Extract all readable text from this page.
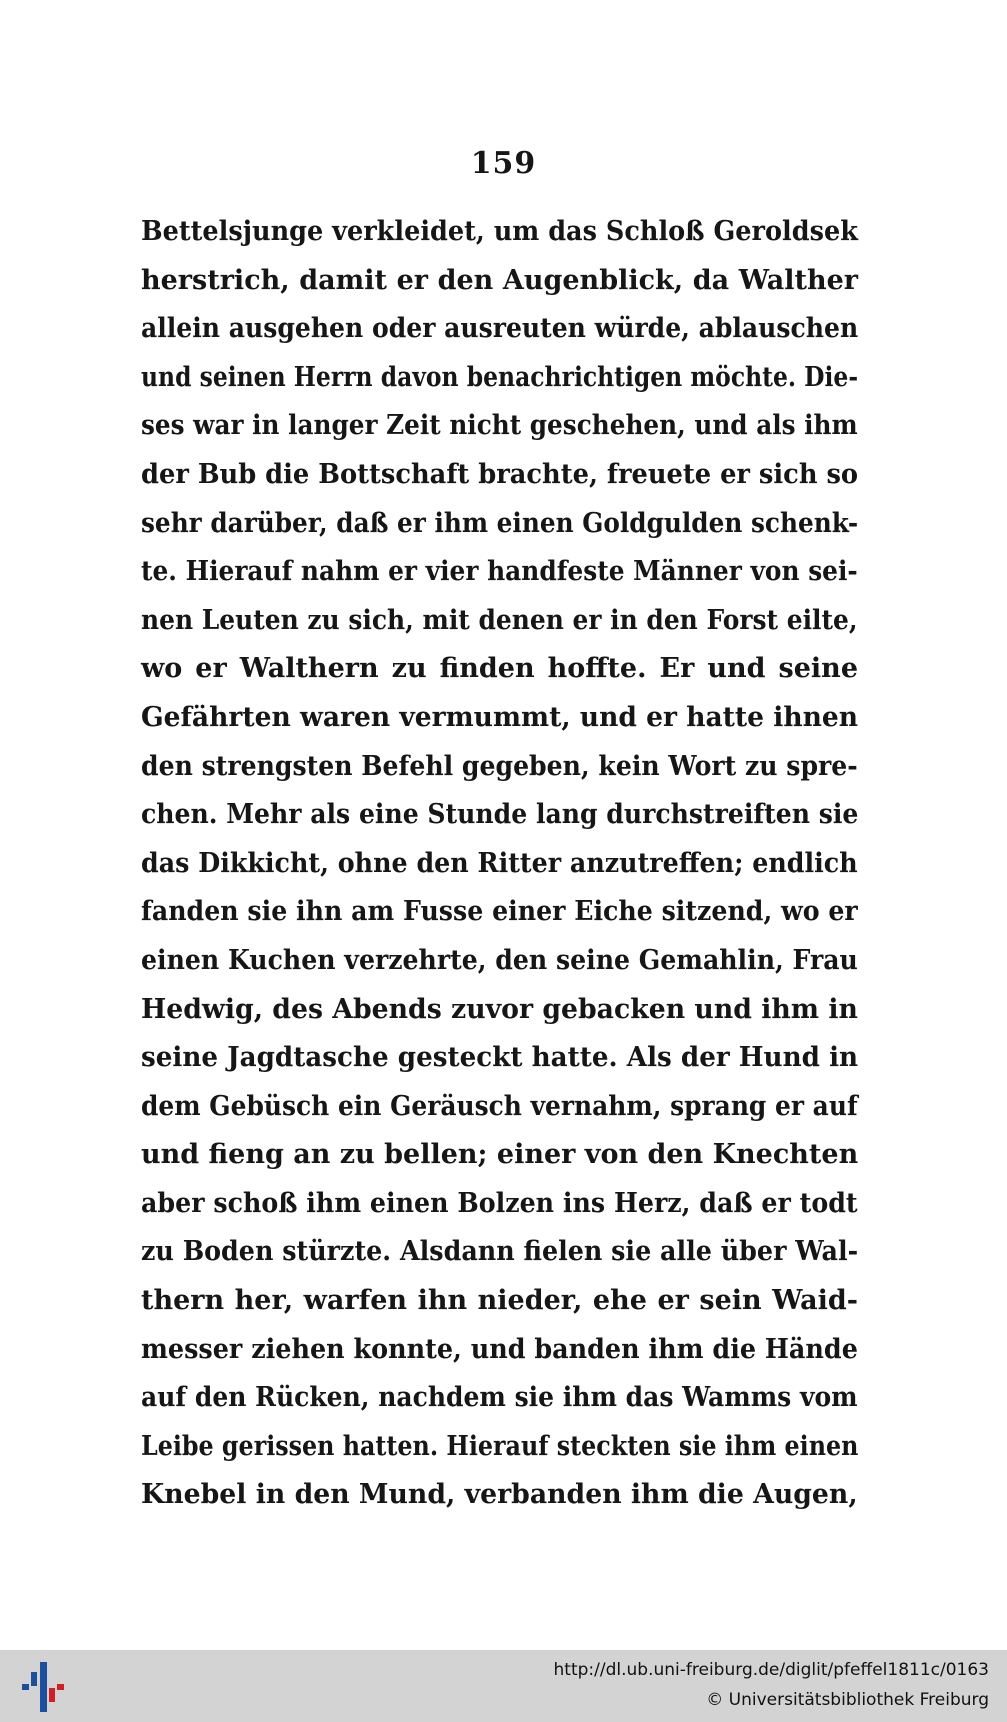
159
Bettelsjunge verkleidet, um das Schloß Geroldsek
herstrich, damit er den Augenblick, da Walther
allein ausgehen oder ausreuten würde, ablauschen
und seinen Herrn davon benachrichtigen möchte. Die-
ses war in langer Zeit nicht geschehen, und als ihm
der Bub die Bottschaft brachte, freuete er sich so
sehr darüber, daß er ihm einen Goldgulden schenk-
te. Hierauf nahm er vier handfeste Männer von sei-
nen Leuten zu sich, mit denen er in den Forst eilte,
wo er Walthern zu finden hoffte. Er und seine
Gefährten waren vermummt, und er hatte ihnen
den strengsten Befehl gegeben, kein Wort zu spre-
chen. Mehr als eine Stunde lang durchstreiften sie
das Dikkicht, ohne den Ritter anzutreffen; endlich
fanden sie ihn am Fusse einer Eiche sitzend, wo er
einen Kuchen verzehrte, den seine Gemahlin, Frau
Hedwig, des Abends zuvor gebacken und ihm in
seine Jagdtasche gesteckt hatte. Als der Hund in
dem Gebüsch ein Geräusch vernahm, sprang er auf
und fieng an zu bellen; einer von den Knechten
aber schoß ihm einen Bolzen ins Herz, daß er todt
zu Boden stürzte. Alsdann fielen sie alle über Wal-
thern her, warfen ihn nieder, ehe er sein Waid-
messer ziehen konnte, und banden ihm die Hände
auf den Rücken, nachdem sie ihm das Wamms vom
Leibe gerissen hatten. Hierauf steckten sie ihm einen
Knebel in den Mund, verbanden ihm die Augen,
http://dl.ub.uni-freiburg.de/diglit/pfeffel1811c/0163
© Universitätsbibliothek Freiburg
